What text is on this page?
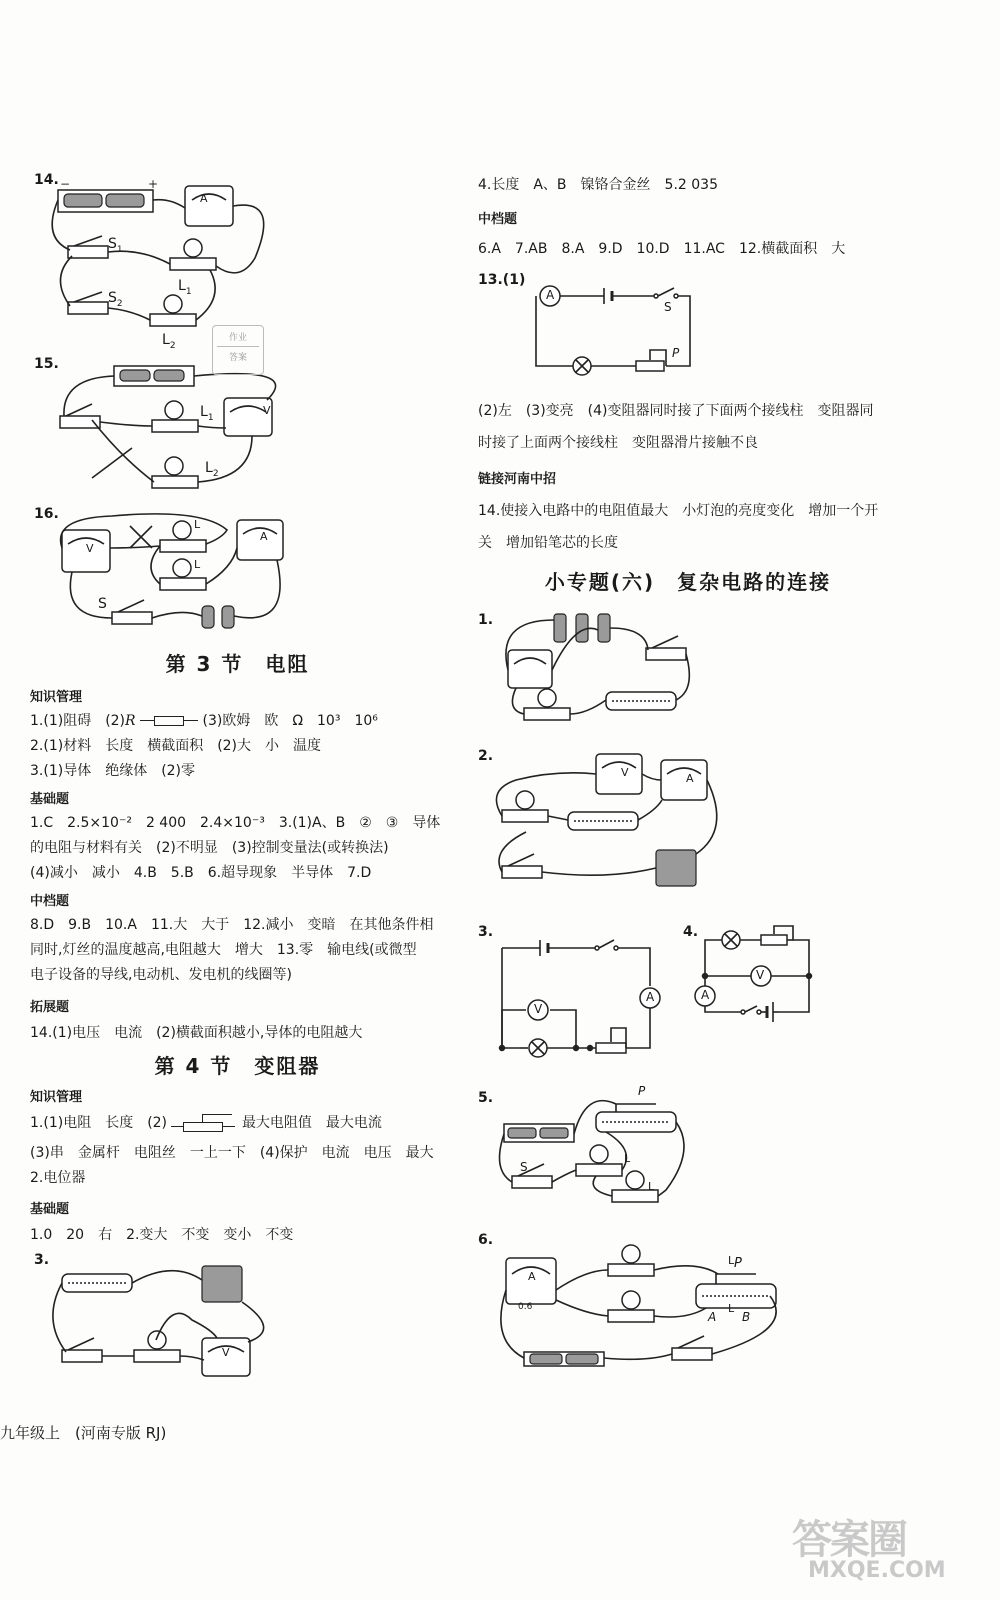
14. −	+
$S_1$
$S_2$
$L_1$
$L_2$
A
15.
$L_1$
$L_2$
V
16.
V
A
S
L
L
第 3 节　电阻
知识管理
1.(1)阻碍　(2)R	(3)欧姆　欧　Ω　10³　10⁶
2.(1)材料　长度　横截面积　(2)大　小　温度
3.(1)导体　绝缘体　(2)零
基础题
1.C　2.5×10⁻²　2 400　2.4×10⁻³　3.(1)A、B　②　③　导体
的电阻与材料有关　(2)不明显　(3)控制变量法(或转换法)
(4)减小　减小　4.B　5.B　6.超导现象　半导体　7.D
中档题
8.D　9.B　10.A　11.大　大于　12.减小　变暗　在其他条件相
同时,灯丝的温度越高,电阻越大　增大　13.零　输电线(或微型
电子设备的导线,电动机、发电机的线圈等)
拓展题
14.(1)电压　电流　(2)横截面积越小,导体的电阻越大
第 4 节　变阻器
知识管理
1.(1)电阻　长度　(2)	最大电阻值　最大电流
(3)串　金属杆　电阻丝　一上一下　(4)保护　电流　电压　最大
2.电位器
基础题
1.0　20　右　2.变大　不变　变小　不变
3.
V
九年级上　(河南专版 RJ)
4.长度　A、B　镍铬合金丝　5.2 035
中档题
6.A　7.AB　8.A　9.D　10.D　11.AC　12.横截面积　大
13.(1)
A
S
P
(2)左　(3)变亮　(4)变阻器同时接了下面两个接线柱　变阻器同
时接了上面两个接线柱　变阻器滑片接触不良
链接河南中招
14.使接入电路中的电阻值最大　小灯泡的亮度变化　增加一个开
关　增加铅笔芯的长度
小专题(六)　复杂电路的连接
1.
2.
V	A
3.
V
A
4.
V
A
5.	P
S
L
L
6.
A
0.6
L
L
P
A B
作业
答案
答案圈
MXQE.COM
